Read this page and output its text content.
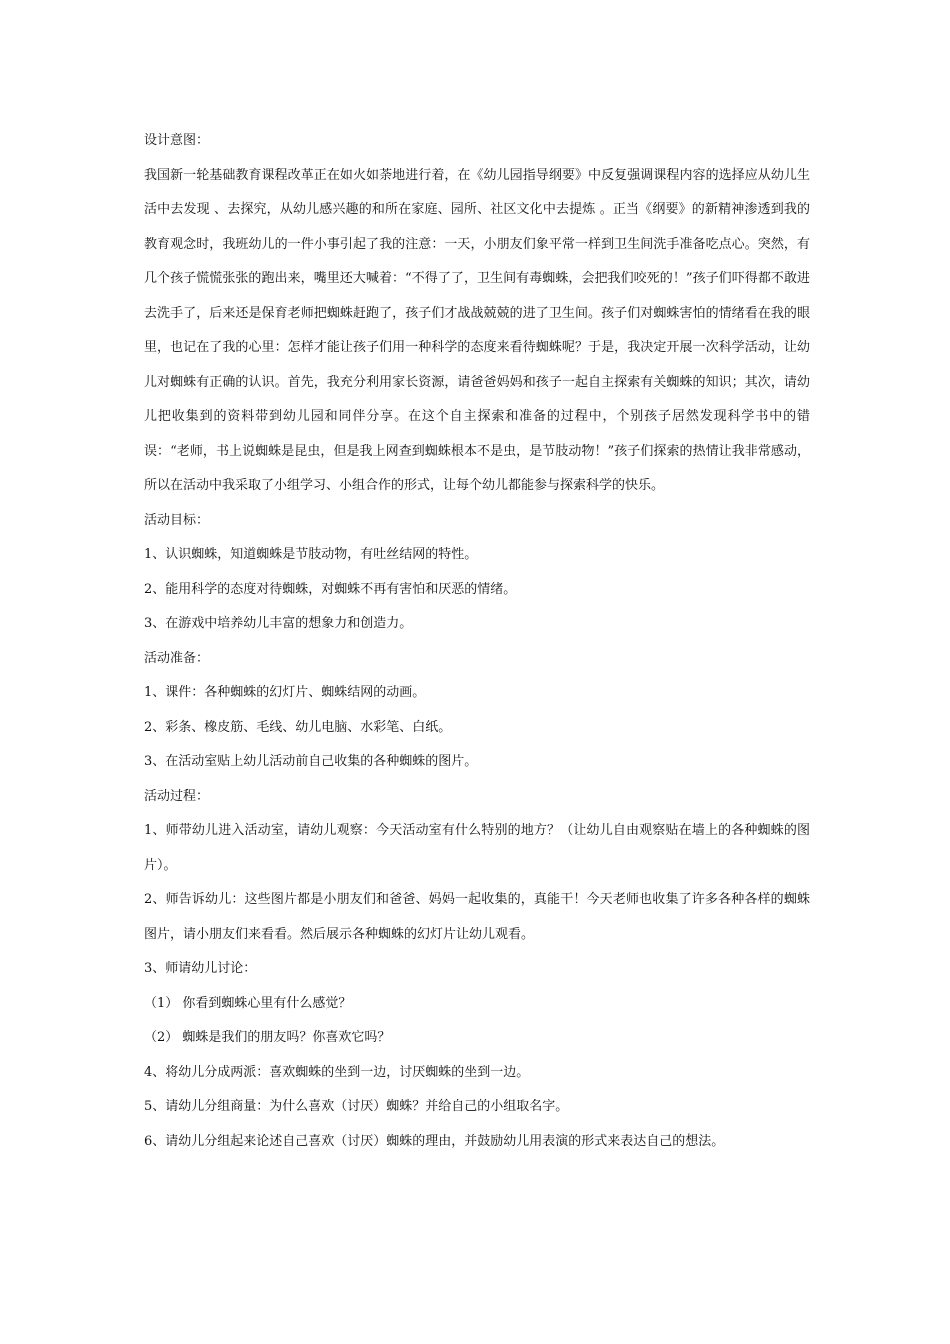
设计意图：

我国新一轮基础教育课程改革正在如火如荼地进行着，在《幼儿园指导纲要》中反复强调课程内容的选择应从幼儿生活中去发现 、去探究，从幼儿感兴趣的和所在家庭、园所、社区文化中去提炼 。正当《纲要》的新精神渗透到我的教育观念时，我班幼儿的一件小事引起了我的注意：一天，小朋友们象平常一样到卫生间洗手准备吃点心。突然，有几个孩子慌慌张张的跑出来，嘴里还大喊着：“不得了了，卫生间有毒蜘蛛，会把我们咬死的！”孩子们吓得都不敢进去洗手了，后来还是保育老师把蜘蛛赶跑了，孩子们才战战兢兢的进了卫生间。孩子们对蜘蛛害怕的情绪看在我的眼里，也记在了我的心里：怎样才能让孩子们用一种科学的态度来看待蜘蛛呢？于是，我决定开展一次科学活动，让幼儿对蜘蛛有正确的认识。首先，我充分利用家长资源，请爸爸妈妈和孩子一起自主探索有关蜘蛛的知识；其次，请幼儿把收集到的资料带到幼儿园和同伴分享。在这个自主探索和准备的过程中，个别孩子居然发现科学书中的错误：“老师，书上说蜘蛛是昆虫，但是我上网查到蜘蛛根本不是虫，是节肢动物！”孩子们探索的热情让我非常感动，所以在活动中我采取了小组学习、小组合作的形式，让每个幼儿都能参与探索科学的快乐。

活动目标：

1、认识蜘蛛，知道蜘蛛是节肢动物，有吐丝结网的特性。

2、能用科学的态度对待蜘蛛，对蜘蛛不再有害怕和厌恶的情绪。

3、在游戏中培养幼儿丰富的想象力和创造力。

活动准备：

1、课件：各种蜘蛛的幻灯片、蜘蛛结网的动画。

2、彩条、橡皮筋、毛线、幼儿电脑、水彩笔、白纸。

3、在活动室贴上幼儿活动前自己收集的各种蜘蛛的图片。

活动过程：

1、师带幼儿进入活动室，请幼儿观察：今天活动室有什么特别的地方？（让幼儿自由观察贴在墙上的各种蜘蛛的图片）。

2、师告诉幼儿：这些图片都是小朋友们和爸爸、妈妈一起收集的，真能干！今天老师也收集了许多各种各样的蜘蛛图片，请小朋友们来看看。然后展示各种蜘蛛的幻灯片让幼儿观看。

3、师请幼儿讨论：

（1） 你看到蜘蛛心里有什么感觉？

（2） 蜘蛛是我们的朋友吗？你喜欢它吗？

4、将幼儿分成两派：喜欢蜘蛛的坐到一边，讨厌蜘蛛的坐到一边。

5、请幼儿分组商量：为什么喜欢（讨厌）蜘蛛？并给自己的小组取名字。

6、请幼儿分组起来论述自己喜欢（讨厌）蜘蛛的理由，并鼓励幼儿用表演的形式来表达自己的想法。
